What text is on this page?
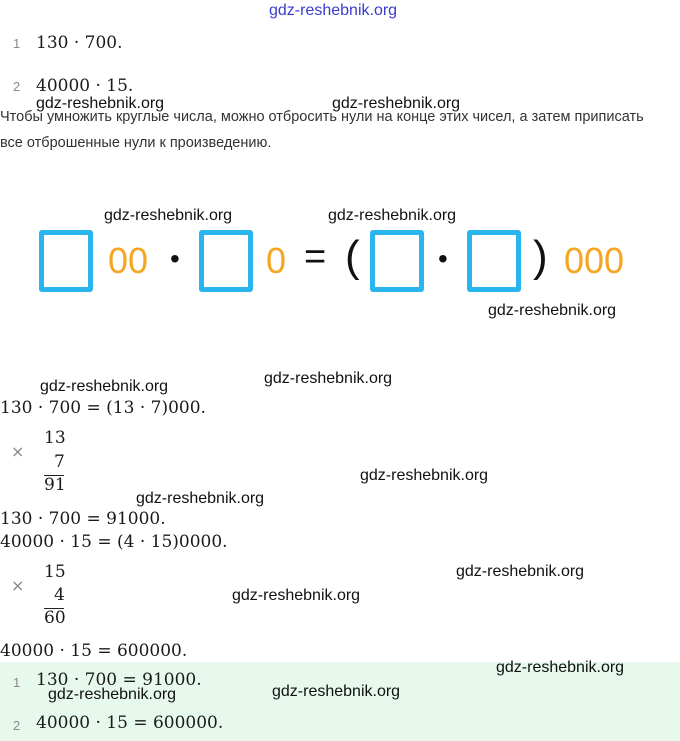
gdz-reshebnik.org
1 130 · 700.
2 40000 · 15.
Чтобы умножить круглые числа, можно отбросить нули на конце этих чисел, а затем приписать все отброшенные нули к произведению.
gdz-reshebnik.org	gdz-reshebnik.org
gdz-reshebnik.org	gdz-reshebnik.org
00 • 0 = (	• ) 000
gdz-reshebnik.org
gdz-reshebnik.org
gdz-reshebnik.org
130 · 700 = (13 · 7)000.
×
13
7
91	gdz-reshebnik.org
gdz-reshebnik.org
130 · 700 = 91000.
40000 · 15 = (4 · 15)0000.
×
15
4
60
gdz-reshebnik.org
gdz-reshebnik.org
40000 · 15 = 600000.
1 130 · 700 = 91000.
2 40000 · 15 = 600000.
gdz-reshebnik.org
gdz-reshebnik.org	gdz-reshebnik.org
